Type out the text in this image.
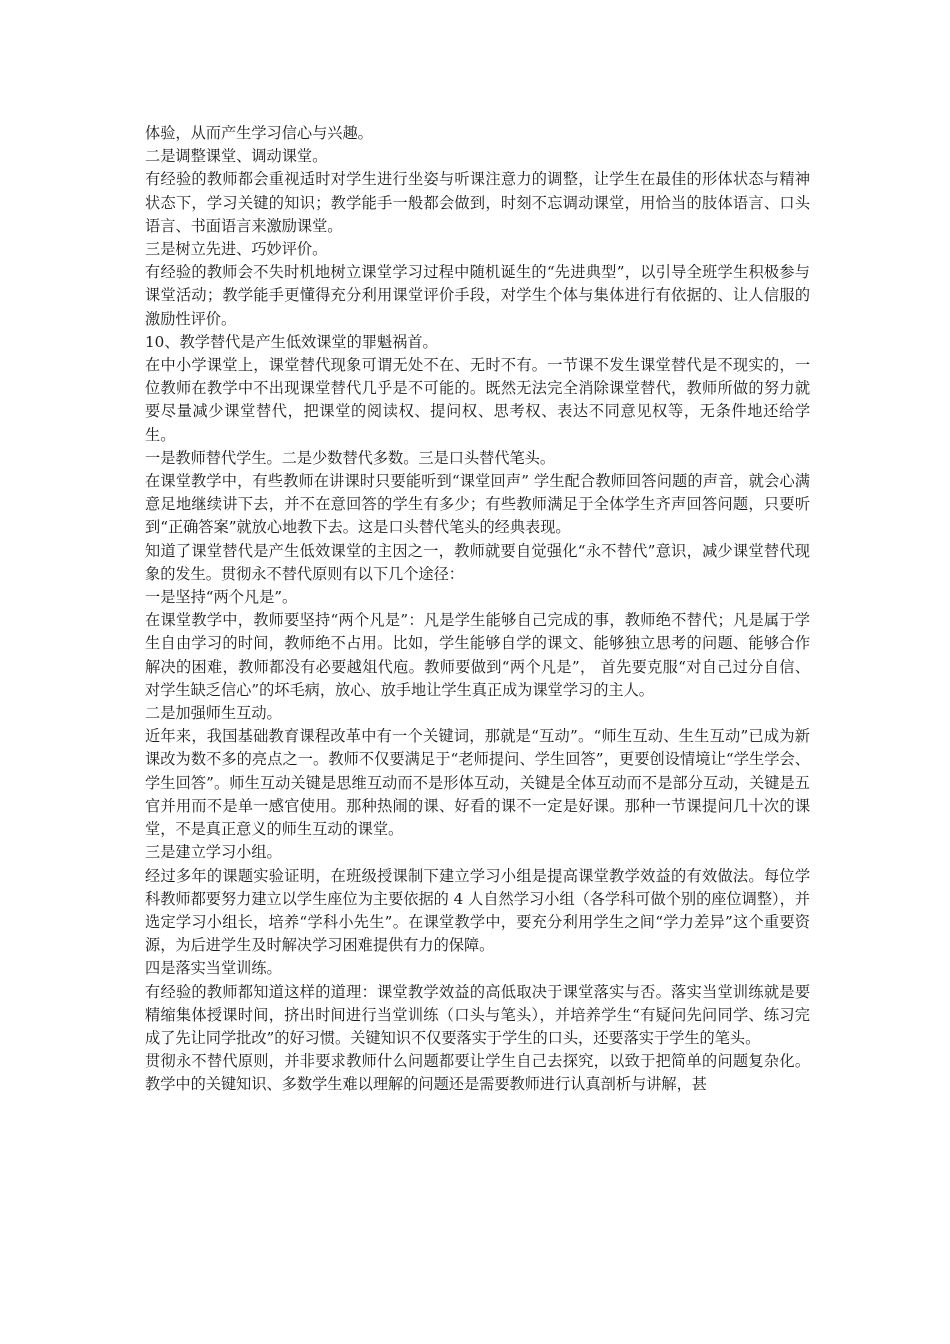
体验，从而产生学习信心与兴趣。

二是调整课堂、调动课堂。

有经验的教师都会重视适时对学生进行坐姿与听课注意力的调整，让学生在最佳的形体状态与精神状态下，学习关键的知识；教学能手一般都会做到，时刻不忘调动课堂，用恰当的肢体语言、口头语言、书面语言来激励课堂。

三是树立先进、巧妙评价。

有经验的教师会不失时机地树立课堂学习过程中随机诞生的“先进典型”，以引导全班学生积极参与课堂活动；教学能手更懂得充分利用课堂评价手段，对学生个体与集体进行有依据的、让人信服的激励性评价。

10、教学替代是产生低效课堂的罪魁祸首。

在中小学课堂上，课堂替代现象可谓无处不在、无时不有。一节课不发生课堂替代是不现实的，一位教师在教学中不出现课堂替代几乎是不可能的。既然无法完全消除课堂替代，教师所做的努力就要尽量减少课堂替代，把课堂的阅读权、提问权、思考权、表达不同意见权等，无条件地还给学生。

一是教师替代学生。二是少数替代多数。三是口头替代笔头。

在课堂教学中，有些教师在讲课时只要能听到“课堂回声” 学生配合教师回答问题的声音，就会心满意足地继续讲下去，并不在意回答的学生有多少；有些教师满足于全体学生齐声回答问题，只要听到“正确答案”就放心地教下去。这是口头替代笔头的经典表现。

知道了课堂替代是产生低效课堂的主因之一，教师就要自觉强化“永不替代”意识，减少课堂替代现象的发生。贯彻永不替代原则有以下几个途径：

一是坚持“两个凡是”。

在课堂教学中，教师要坚持“两个凡是”：凡是学生能够自己完成的事，教师绝不替代；凡是属于学生自由学习的时间，教师绝不占用。比如，学生能够自学的课文、能够独立思考的问题、能够合作解决的困难，教师都没有必要越俎代庖。教师要做到“两个凡是”， 首先要克服“对自己过分自信、对学生缺乏信心”的坏毛病，放心、放手地让学生真正成为课堂学习的主人。

二是加强师生互动。

近年来，我国基础教育课程改革中有一个关键词，那就是“互动”。“师生互动、生生互动”已成为新课改为数不多的亮点之一。教师不仅要满足于“老师提问、学生回答”，更要创设情境让“学生学会、学生回答”。师生互动关键是思维互动而不是形体互动，关键是全体互动而不是部分互动，关键是五官并用而不是单一感官使用。那种热闹的课、好看的课不一定是好课。那种一节课提问几十次的课堂，不是真正意义的师生互动的课堂。

三是建立学习小组。

经过多年的课题实验证明，在班级授课制下建立学习小组是提高课堂教学效益的有效做法。每位学科教师都要努力建立以学生座位为主要依据的 4 人自然学习小组（各学科可做个别的座位调整），并选定学习小组长，培养“学科小先生”。在课堂教学中，要充分利用学生之间“学力差异”这个重要资源，为后进学生及时解决学习困难提供有力的保障。

四是落实当堂训练。

有经验的教师都知道这样的道理：课堂教学效益的高低取决于课堂落实与否。落实当堂训练就是要精缩集体授课时间，挤出时间进行当堂训练（口头与笔头），并培养学生“有疑问先问同学、练习完成了先让同学批改”的好习惯。关键知识不仅要落实于学生的口头，还要落实于学生的笔头。

贯彻永不替代原则，并非要求教师什么问题都要让学生自己去探究，以致于把简单的问题复杂化。教学中的关键知识、多数学生难以理解的问题还是需要教师进行认真剖析与讲解，甚
